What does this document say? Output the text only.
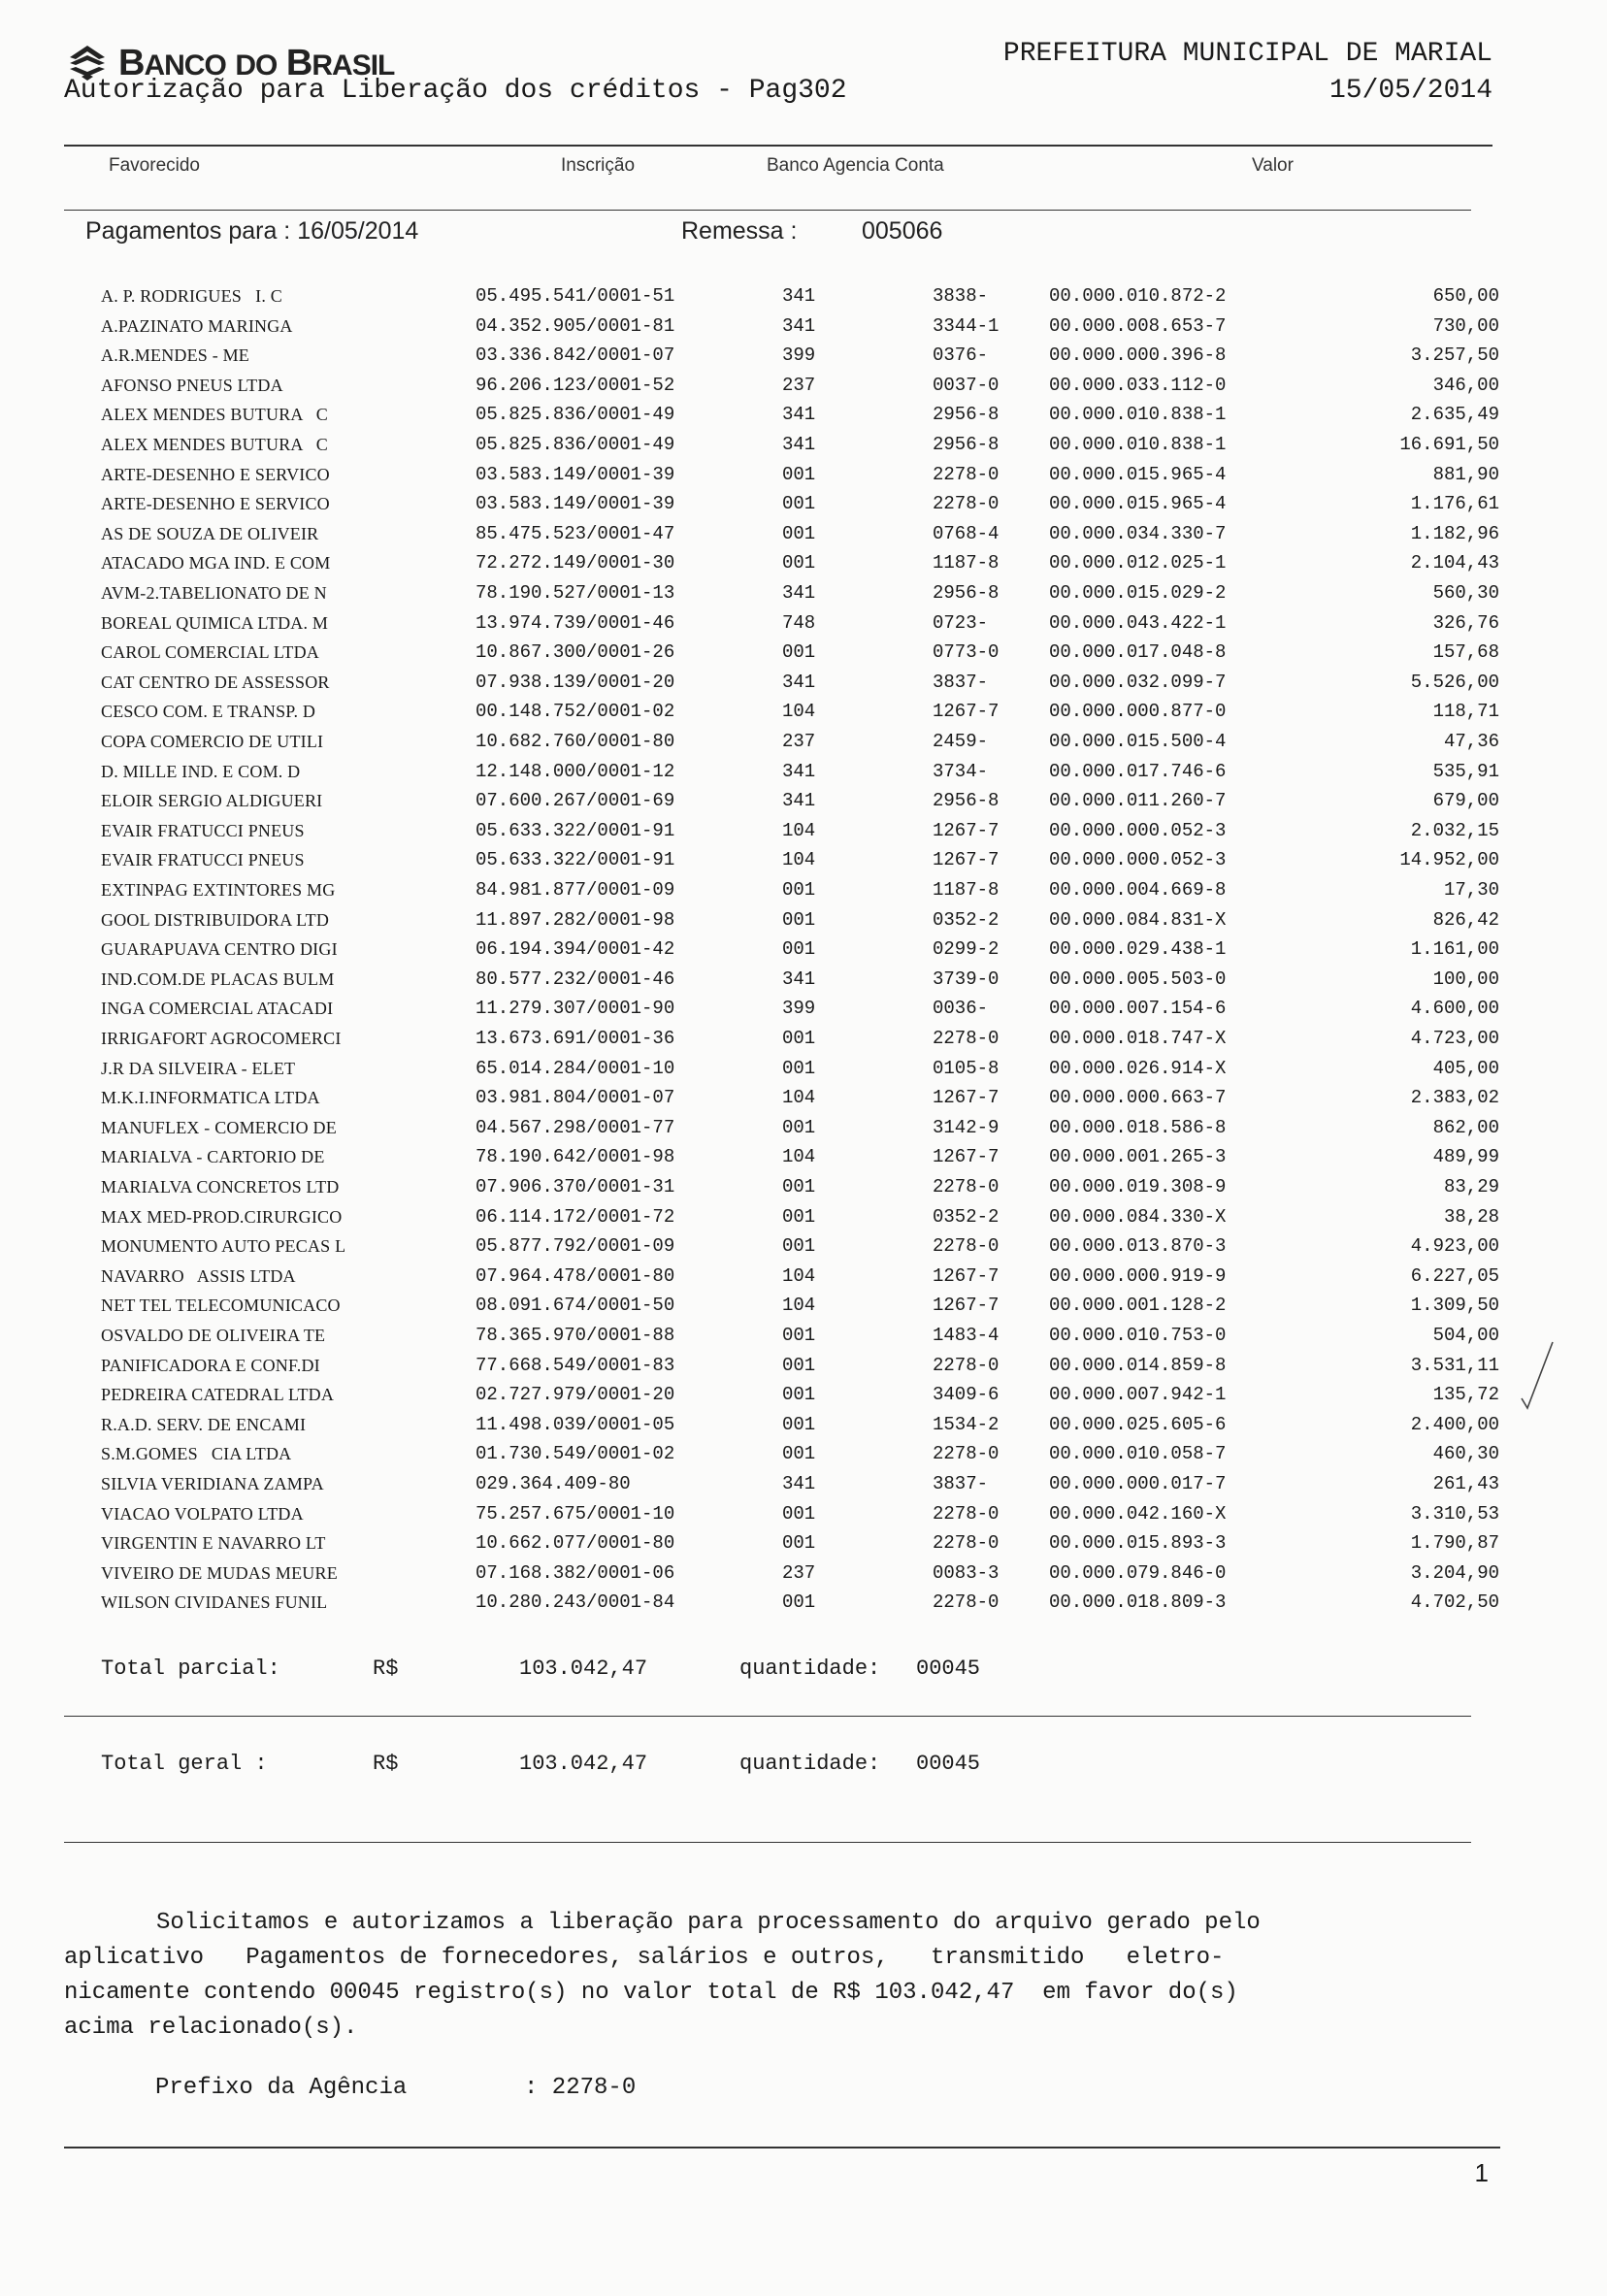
BANCO DO BRASIL
Autorização para Liberação dos créditos - Pag302
PREFEITURA MUNICIPAL DE MARIAL
15/05/2014
Favorecido	Inscrição	Banco Agencia Conta	Valor
Pagamentos para : 16/05/2014	Remessa :	005066
A. P. RODRIGUES   I. C	05.495.541/0001-51	341	3838-	00.000.010.872-2	650,00
A.PAZINATO MARINGA	04.352.905/0001-81	341	3344-1	00.000.008.653-7	730,00
A.R.MENDES - ME	03.336.842/0001-07	399	0376-	00.000.000.396-8	3.257,50
AFONSO PNEUS LTDA	96.206.123/0001-52	237	0037-0	00.000.033.112-0	346,00
ALEX MENDES BUTURA   C	05.825.836/0001-49	341	2956-8	00.000.010.838-1	2.635,49
ALEX MENDES BUTURA   C	05.825.836/0001-49	341	2956-8	00.000.010.838-1	16.691,50
ARTE-DESENHO E SERVICO	03.583.149/0001-39	001	2278-0	00.000.015.965-4	881,90
ARTE-DESENHO E SERVICO	03.583.149/0001-39	001	2278-0	00.000.015.965-4	1.176,61
AS DE SOUZA DE OLIVEIR	85.475.523/0001-47	001	0768-4	00.000.034.330-7	1.182,96
ATACADO MGA IND. E COM	72.272.149/0001-30	001	1187-8	00.000.012.025-1	2.104,43
AVM-2.TABELIONATO DE N	78.190.527/0001-13	341	2956-8	00.000.015.029-2	560,30
BOREAL QUIMICA LTDA. M	13.974.739/0001-46	748	0723-	00.000.043.422-1	326,76
CAROL COMERCIAL LTDA	10.867.300/0001-26	001	0773-0	00.000.017.048-8	157,68
CAT CENTRO DE ASSESSOR	07.938.139/0001-20	341	3837-	00.000.032.099-7	5.526,00
CESCO COM. E TRANSP. D	00.148.752/0001-02	104	1267-7	00.000.000.877-0	118,71
COPA COMERCIO DE UTILI	10.682.760/0001-80	237	2459-	00.000.015.500-4	47,36
D. MILLE IND. E COM. D	12.148.000/0001-12	341	3734-	00.000.017.746-6	535,91
ELOIR SERGIO ALDIGUERI	07.600.267/0001-69	341	2956-8	00.000.011.260-7	679,00
EVAIR FRATUCCI PNEUS	05.633.322/0001-91	104	1267-7	00.000.000.052-3	2.032,15
EVAIR FRATUCCI PNEUS	05.633.322/0001-91	104	1267-7	00.000.000.052-3	14.952,00
EXTINPAG EXTINTORES MG	84.981.877/0001-09	001	1187-8	00.000.004.669-8	17,30
GOOL DISTRIBUIDORA LTD	11.897.282/0001-98	001	0352-2	00.000.084.831-X	826,42
GUARAPUAVA CENTRO DIGI	06.194.394/0001-42	001	0299-2	00.000.029.438-1	1.161,00
IND.COM.DE PLACAS BULM	80.577.232/0001-46	341	3739-0	00.000.005.503-0	100,00
INGA COMERCIAL ATACADI	11.279.307/0001-90	399	0036-	00.000.007.154-6	4.600,00
IRRIGAFORT AGROCOMERCI	13.673.691/0001-36	001	2278-0	00.000.018.747-X	4.723,00
J.R DA SILVEIRA - ELET	65.014.284/0001-10	001	0105-8	00.000.026.914-X	405,00
M.K.I.INFORMATICA LTDA	03.981.804/0001-07	104	1267-7	00.000.000.663-7	2.383,02
MANUFLEX - COMERCIO DE	04.567.298/0001-77	001	3142-9	00.000.018.586-8	862,00
MARIALVA - CARTORIO DE	78.190.642/0001-98	104	1267-7	00.000.001.265-3	489,99
MARIALVA CONCRETOS LTD	07.906.370/0001-31	001	2278-0	00.000.019.308-9	83,29
MAX MED-PROD.CIRURGICO	06.114.172/0001-72	001	0352-2	00.000.084.330-X	38,28
MONUMENTO AUTO PECAS L	05.877.792/0001-09	001	2278-0	00.000.013.870-3	4.923,00
NAVARRO   ASSIS LTDA	07.964.478/0001-80	104	1267-7	00.000.000.919-9	6.227,05
NET TEL TELECOMUNICACO	08.091.674/0001-50	104	1267-7	00.000.001.128-2	1.309,50
OSVALDO DE OLIVEIRA TE	78.365.970/0001-88	001	1483-4	00.000.010.753-0	504,00
PANIFICADORA E CONF.DI	77.668.549/0001-83	001	2278-0	00.000.014.859-8	3.531,11
PEDREIRA CATEDRAL LTDA	02.727.979/0001-20	001	3409-6	00.000.007.942-1	135,72
R.A.D. SERV. DE ENCAMI	11.498.039/0001-05	001	1534-2	00.000.025.605-6	2.400,00
S.M.GOMES   CIA LTDA	01.730.549/0001-02	001	2278-0	00.000.010.058-7	460,30
SILVIA VERIDIANA ZAMPA	029.364.409-80	341	3837-	00.000.000.017-7	261,43
VIACAO VOLPATO LTDA	75.257.675/0001-10	001	2278-0	00.000.042.160-X	3.310,53
VIRGENTIN E NAVARRO LT	10.662.077/0001-80	001	2278-0	00.000.015.893-3	1.790,87
VIVEIRO DE MUDAS MEURE	07.168.382/0001-06	237	0083-3	00.000.079.846-0	3.204,90
WILSON CIVIDANES FUNIL	10.280.243/0001-84	001	2278-0	00.000.018.809-3	4.702,50
Total parcial:	R$	103.042,47	quantidade: 00045
Total geral :	R$	103.042,47	quantidade: 00045
Solicitamos e autorizamos a liberação para processamento do arquivo gerado pelo
aplicativo   Pagamentos de fornecedores, salários e outros,   transmitido   eletro-
nicamente contendo 00045 registro(s) no valor total de R$ 103.042,47  em favor do(s)
acima relacionado(s).
Prefixo da Agência	: 2278-0
1
